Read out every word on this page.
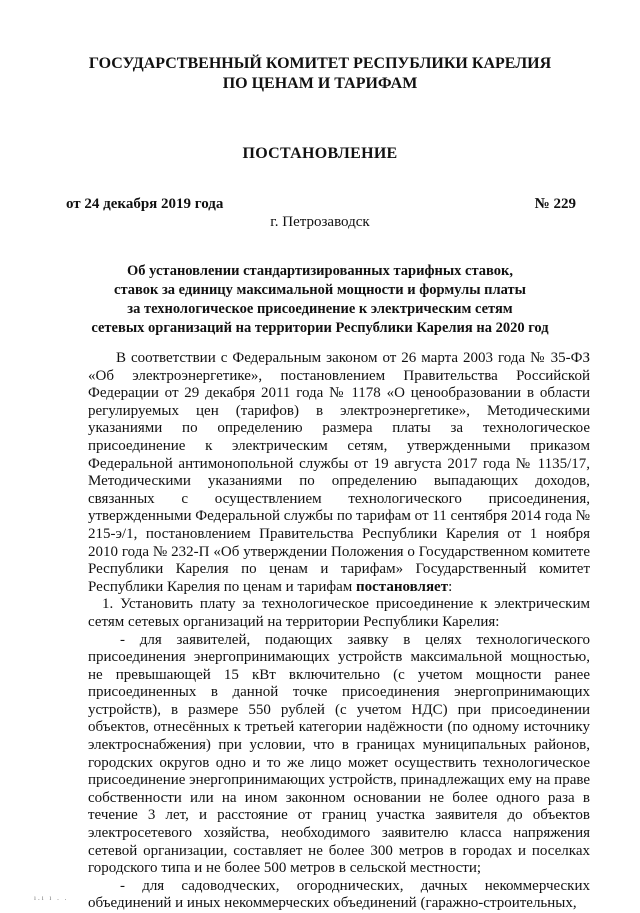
ГОСУДАРСТВЕННЫЙ КОМИТЕТ РЕСПУБЛИКИ КАРЕЛИЯ
ПО ЦЕНАМ И ТАРИФАМ
ПОСТАНОВЛЕНИЕ
от 24 декабря 2019 года	№ 229
г. Петрозаводск
Об установлении стандартизированных тарифных ставок,
ставок за единицу максимальной мощности и формулы платы
за технологическое присоединение к электрическим сетям
сетевых организаций на территории Республики Карелия на 2020 год

В соответствии с Федеральным законом от 26 марта 2003 года № 35-ФЗ «Об электроэнергетике», постановлением Правительства Российской Федерации от 29 декабря 2011 года № 1178 «О ценообразовании в области регулируемых цен (тарифов) в электроэнергетике», Методическими указаниями по определению размера платы за технологическое присоединение к электрическим сетям, утвержденными приказом Федеральной антимонопольной службы от 19 августа 2017 года № 1135/17, Методическими указаниями по определению выпадающих доходов, связанных с осуществлением технологического присоединения, утвержденными Федеральной службы по тарифам от 11 сентября 2014 года № 215-э/1, постановлением Правительства Республики Карелия от 1 ноября 2010 года № 232-П «Об утверждении Положения о Государственном комитете Республики Карелия по ценам и тарифам» Государственный комитет Республики Карелия по ценам и тарифам постановляет:

1. Установить плату за технологическое присоединение к электрическим сетям сетевых организаций на территории Республики Карелия:

- для заявителей, подающих заявку в целях технологического присоединения энергопринимающих устройств максимальной мощностью, не превышающей 15 кВт включительно (с учетом мощности ранее присоединенных в данной точке присоединения энергопринимающих устройств), в размере 550 рублей (с учетом НДС) при присоединении объектов, отнесённых к третьей категории надёжности (по одному источнику электроснабжения) при условии, что в границах муниципальных районов, городских округов одно и то же лицо может осуществить технологическое присоединение энергопринимающих устройств, принадлежащих ему на праве собственности или на ином законном основании не более одного раза в течение 3 лет, и расстояние от границ участка заявителя до объектов электросетевого хозяйства, необходимого заявителю класса напряжения сетевой организации, составляет не более 300 метров в городах и поселках городского типа и не более 500 метров в сельской местности;

- для садоводческих, огороднических, дачных некоммерческих объединений и иных некоммерческих объединений (гаражно-строительных,

ı.ı ı . .
